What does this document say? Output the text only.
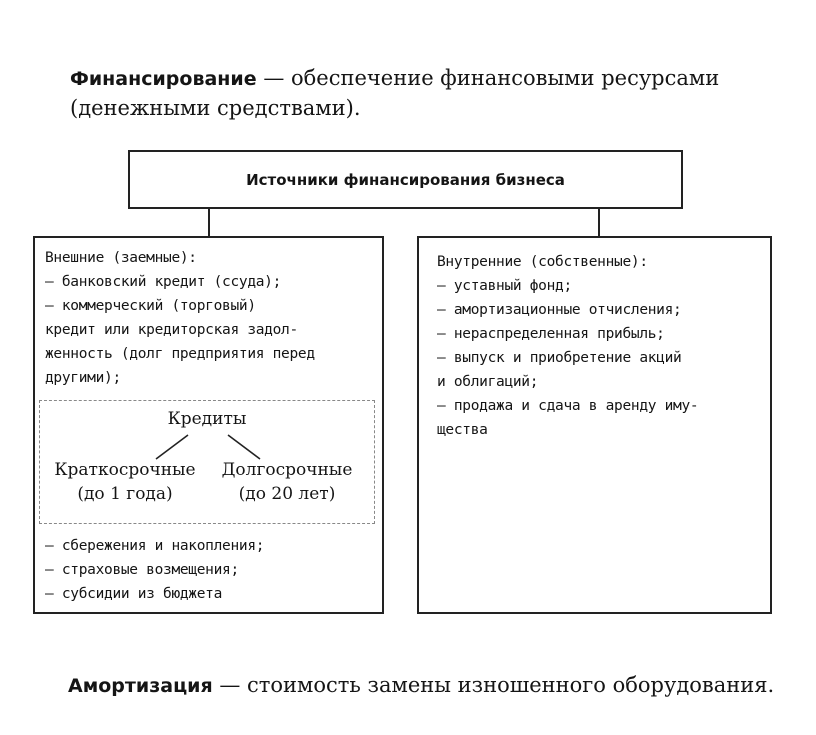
Финансирование — обеспечение финансовыми ресурсами
(денежными средствами).
Источники финансирования бизнеса
Внешние (заемные):
— банковский кредит (ссуда);
— коммерческий (торговый)
кредит или кредиторская задол-
женность (долг предприятия перед
другими);
Кредиты
Краткосрочные
(до 1 года)
Долгосрочные
(до 20 лет)
— сбережения и накопления;
— страховые возмещения;
— субсидии из бюджета
Внутренние (собственные):
— уставный фонд;
— амортизационные отчисления;
— нераспределенная прибыль;
— выпуск и приобретение акций
и облигаций;
— продажа и сдача в аренду иму-
щества
Амортизация — стоимость замены изношенного оборудования.
